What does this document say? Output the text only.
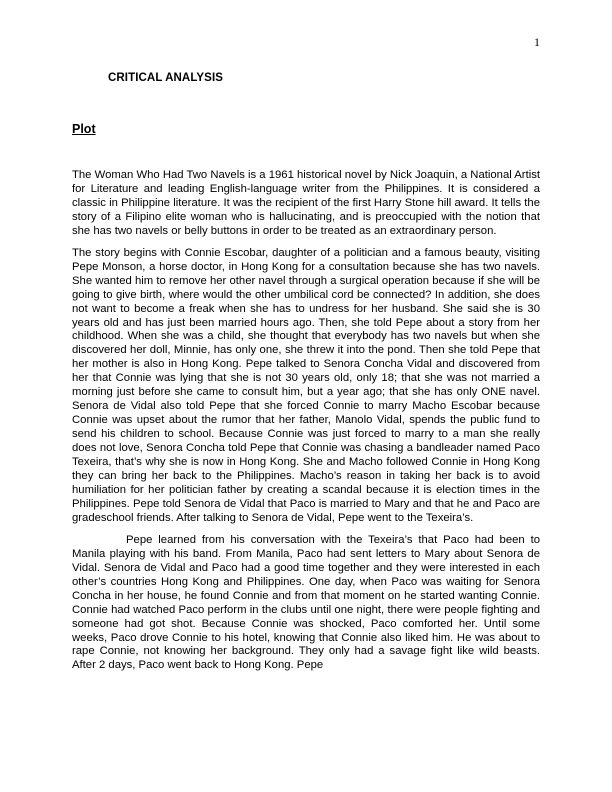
1
CRITICAL ANALYSIS
Plot

The Woman Who Had Two Navels is a 1961 historical novel by Nick Joaquin, a National Artist for Literature and leading English-language writer from the Philippines. It is considered a classic in Philippine literature. It was the recipient of the first Harry Stone hill award. It tells the story of a Filipino elite woman who is hallucinating, and is preoccupied with the notion that she has two navels or belly buttons in order to be treated as an extraordinary person.

The story begins with Connie Escobar, daughter of a politician and a famous beauty, visiting Pepe Monson, a horse doctor, in Hong Kong for a consultation because she has two navels. She wanted him to remove her other navel through a surgical operation because if she will be going to give birth, where would the other umbilical cord be connected? In addition, she does not want to become a freak when she has to undress for her husband. She said she is 30 years old and has just been married hours ago. Then, she told Pepe about a story from her childhood. When she was a child, she thought that everybody has two navels but when she discovered her doll, Minnie, has only one, she threw it into the pond. Then she told Pepe that her mother is also in Hong Kong. Pepe talked to Senora Concha Vidal and discovered from her that Connie was lying that she is not 30 years old, only 18; that she was not married a morning just before she came to consult him, but a year ago; that she has only ONE navel. Senora de Vidal also told Pepe that she forced Connie to marry Macho Escobar because Connie was upset about the rumor that her father, Manolo Vidal, spends the public fund to send his children to school. Because Connie was just forced to marry to a man she really does not love, Senora Concha told Pepe that Connie was chasing a bandleader named Paco Texeira, that’s why she is now in Hong Kong. She and Macho followed Connie in Hong Kong they can bring her back to the Philippines. Macho’s reason in taking her back is to avoid humiliation for her politician father by creating a scandal because it is election times in the Philippines. Pepe told Senora de Vidal that Paco is married to Mary and that he and Paco are gradeschool friends. After talking to Senora de Vidal, Pepe went to the Texeira’s.

Pepe learned from his conversation with the Texeira’s that Paco had been to Manila playing with his band. From Manila, Paco had sent letters to Mary about Senora de Vidal. Senora de Vidal and Paco had a good time together and they were interested in each other’s countries Hong Kong and Philippines. One day, when Paco was waiting for Senora Concha in her house, he found Connie and from that moment on he started wanting Connie. Connie had watched Paco perform in the clubs until one night, there were people fighting and someone had got shot. Because Connie was shocked, Paco comforted her. Until some weeks, Paco drove Connie to his hotel, knowing that Connie also liked him. He was about to rape Connie, not knowing her background. They only had a savage fight like wild beasts. After 2 days, Paco went back to Hong Kong. Pepe
